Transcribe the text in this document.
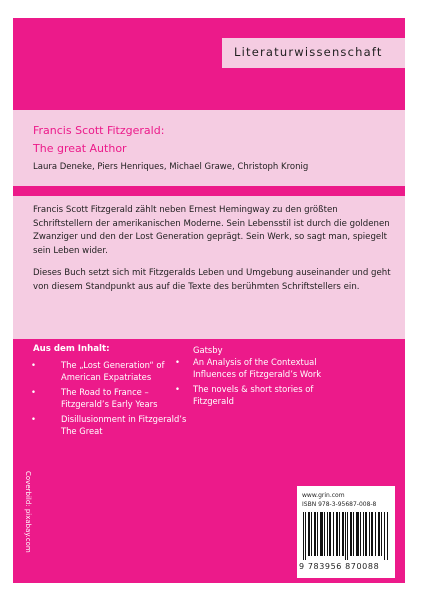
Literaturwissenschaft
Francis Scott Fitzgerald:
The great Author
Laura Deneke, Piers Henriques, Michael Grawe, Christoph Kronig

Francis Scott Fitzgerald zählt neben Ernest Hemingway zu den größten Schriftstellern der amerikanischen Moderne. Sein Lebensstil ist durch die goldenen Zwanziger und den der Lost Generation geprägt. Sein Werk, so sagt man, spiegelt sein Leben wider.

Dieses Buch setzt sich mit Fitzgeralds Leben und Umgebung auseinander und geht von diesem Standpunkt aus auf die Texte des berühmten Schriftstellers ein.

Aus dem Inhalt:
•	The „Lost Generation“ of American Expatriates
•	The Road to France – Fitzgerald’s Early Years
•	Disillusionment in Fitzgerald’s The Great
Gatsby
• An Analysis of the Contextual Influences of Fitzgerald’s Work
• The novels & short stories of Fitzgerald
Coverbild: pixabay.com	www.grin.com
ISBN 978-3-95687-008-8
9 783956 870088
